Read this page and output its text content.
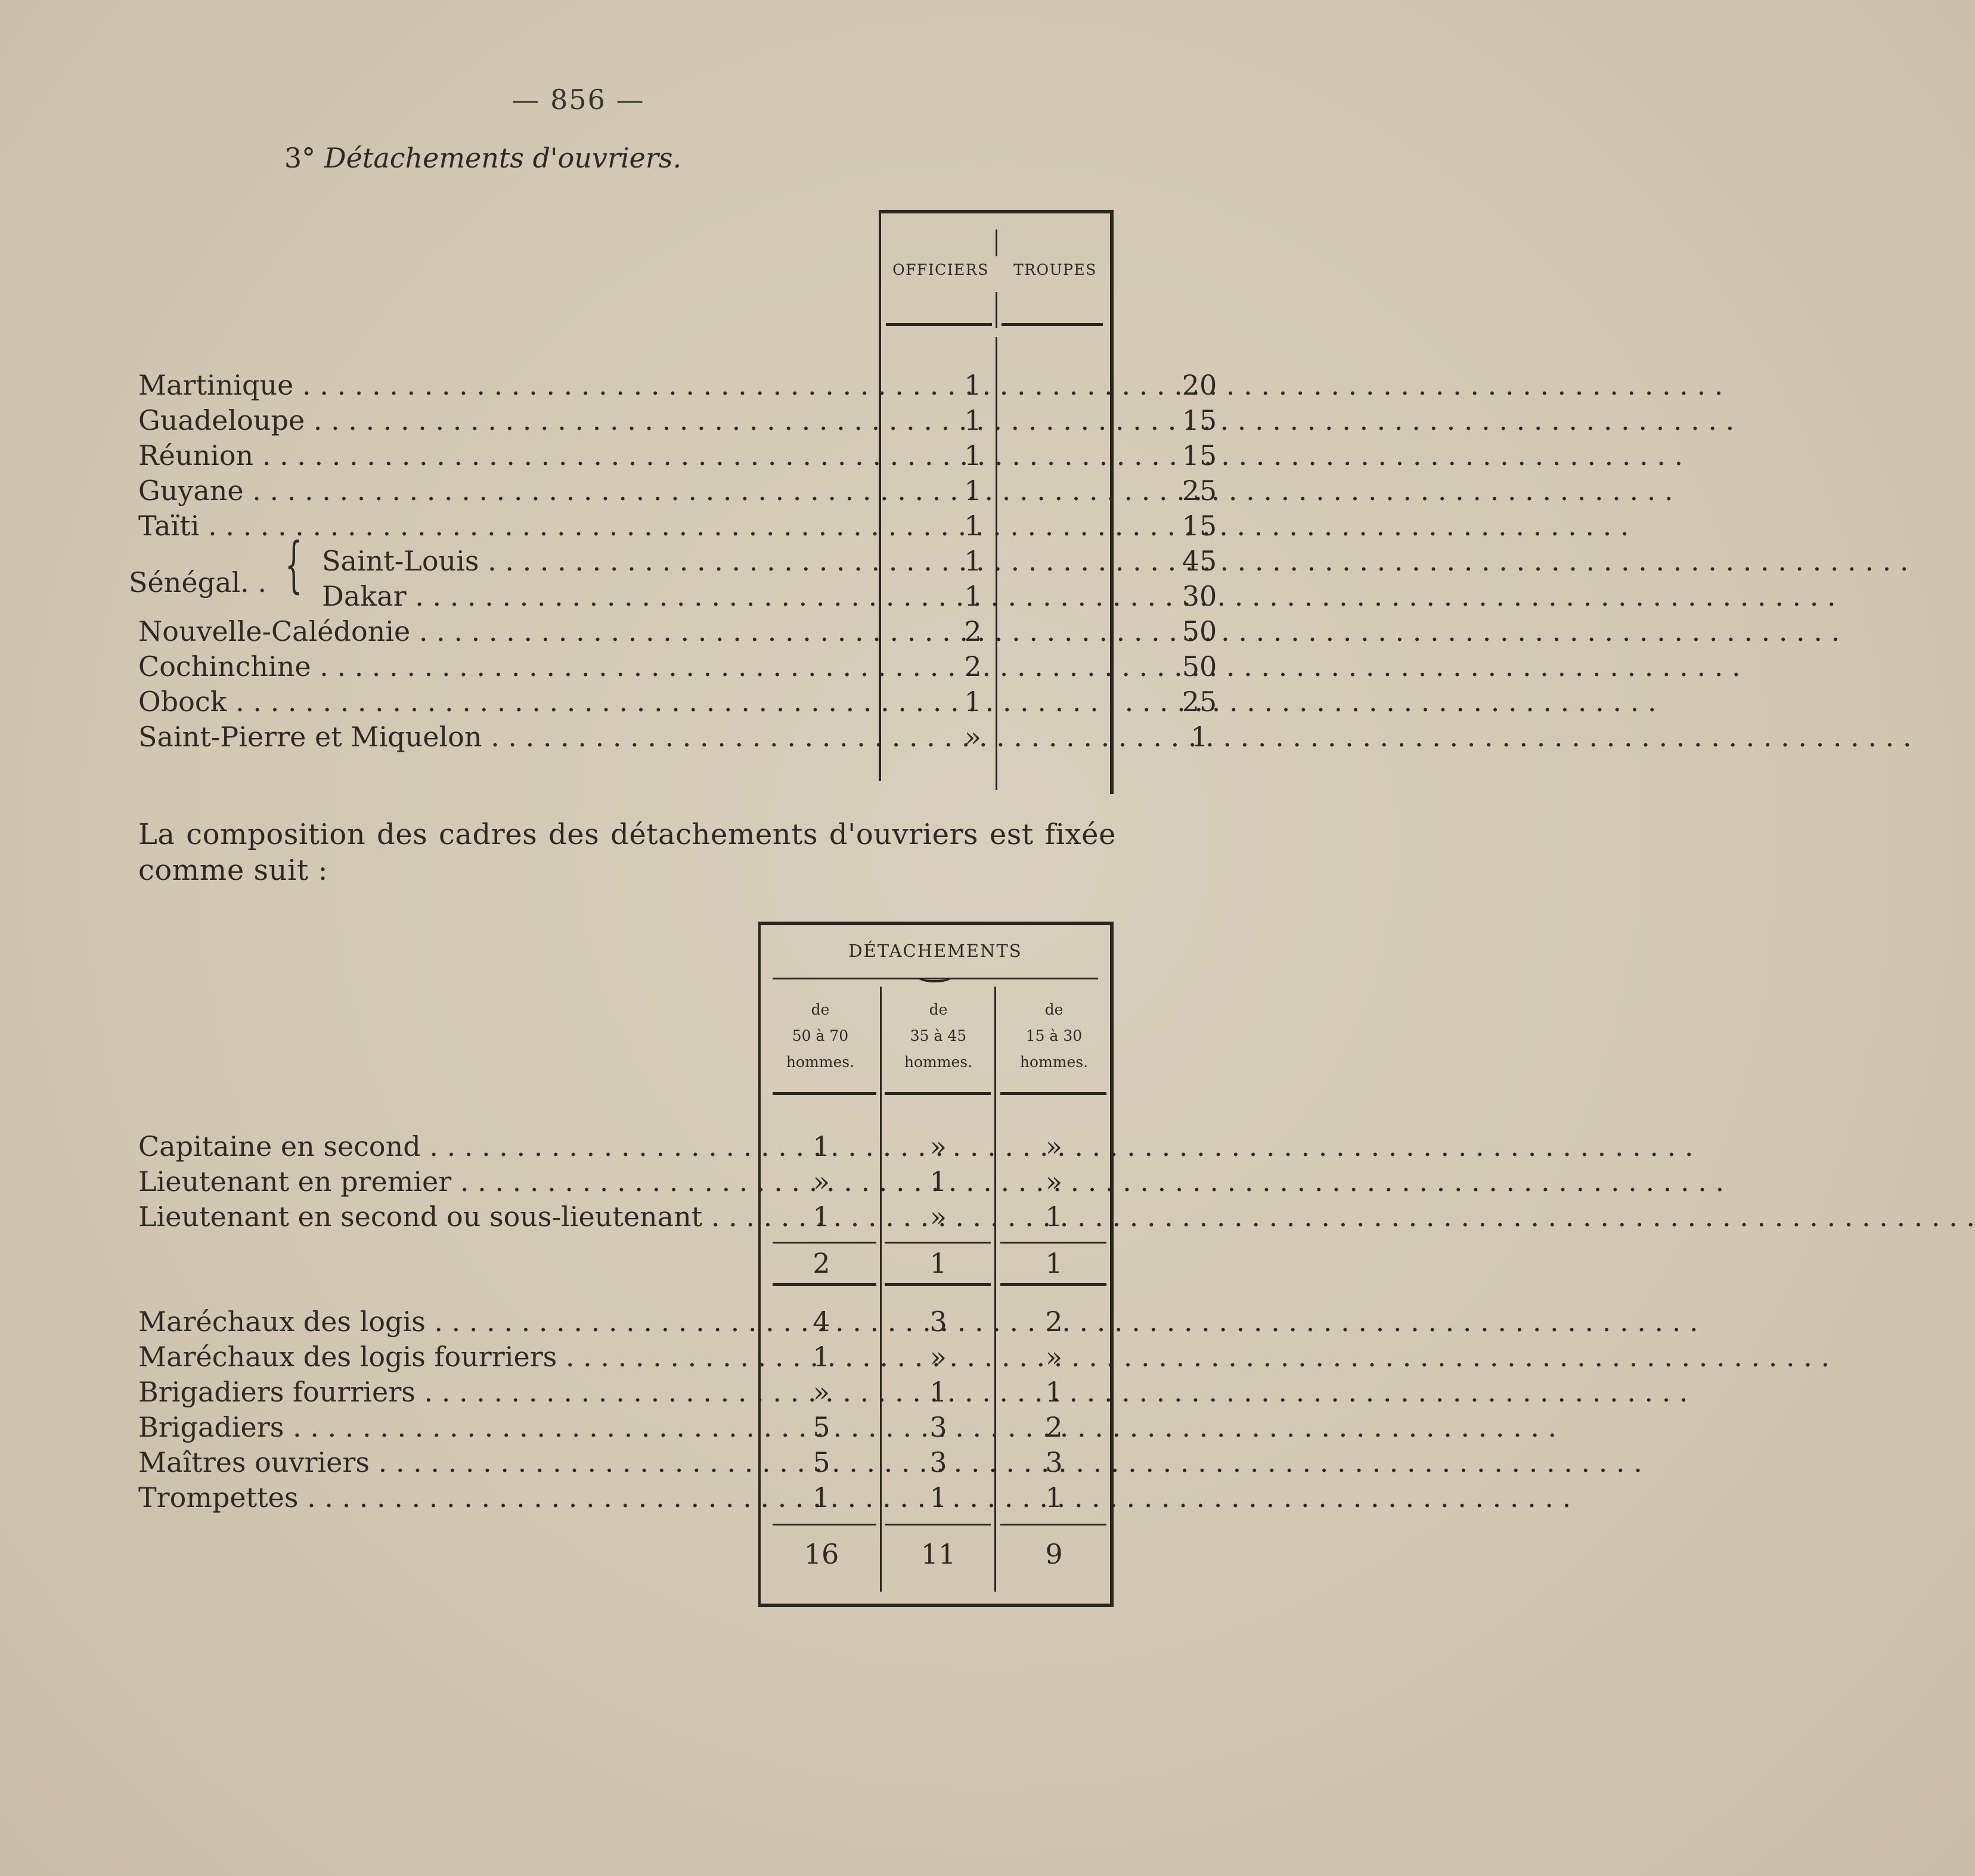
— 856 —
3° Détachements d'ouvriers.
OFFICIERS	TROUPES
Martinique . . .	1	20
Guadeloupe . . .	1	15
Réunion . . .	1	15
Guyane . . .	1	25
Taïti . . .	1	15
Sénégal. . { Saint-Louis . . .	1	45
Dakar . . .	1	30
Nouvelle-Calédonie . . .	2	50
Cochinchine . . .	2	50
Obock . . .	1	25
Saint-Pierre et Miquelon . . .	»	1
La composition des cadres des détachements d'ouvriers est fixée comme suit :
DÉTACHEMENTS
de
50 à 70
hommes.
de
35 à 45
hommes.
de
15 à 30
hommes.
Capitaine en second . . .	1	»	»
Lieutenant en premier . . .	»	1	»
Lieutenant en second ou sous-lieutenant . . .	1	»	1
2	1	1
Maréchaux des logis . . .	4	3	2
Maréchaux des logis fourriers . . .	1	»	»
Brigadiers fourriers . . .	»	1	1
Brigadiers . . .	5	3	2
Maîtres ouvriers . . .	5	3	3
Trompettes . . .	1	1	1
16	11	9
